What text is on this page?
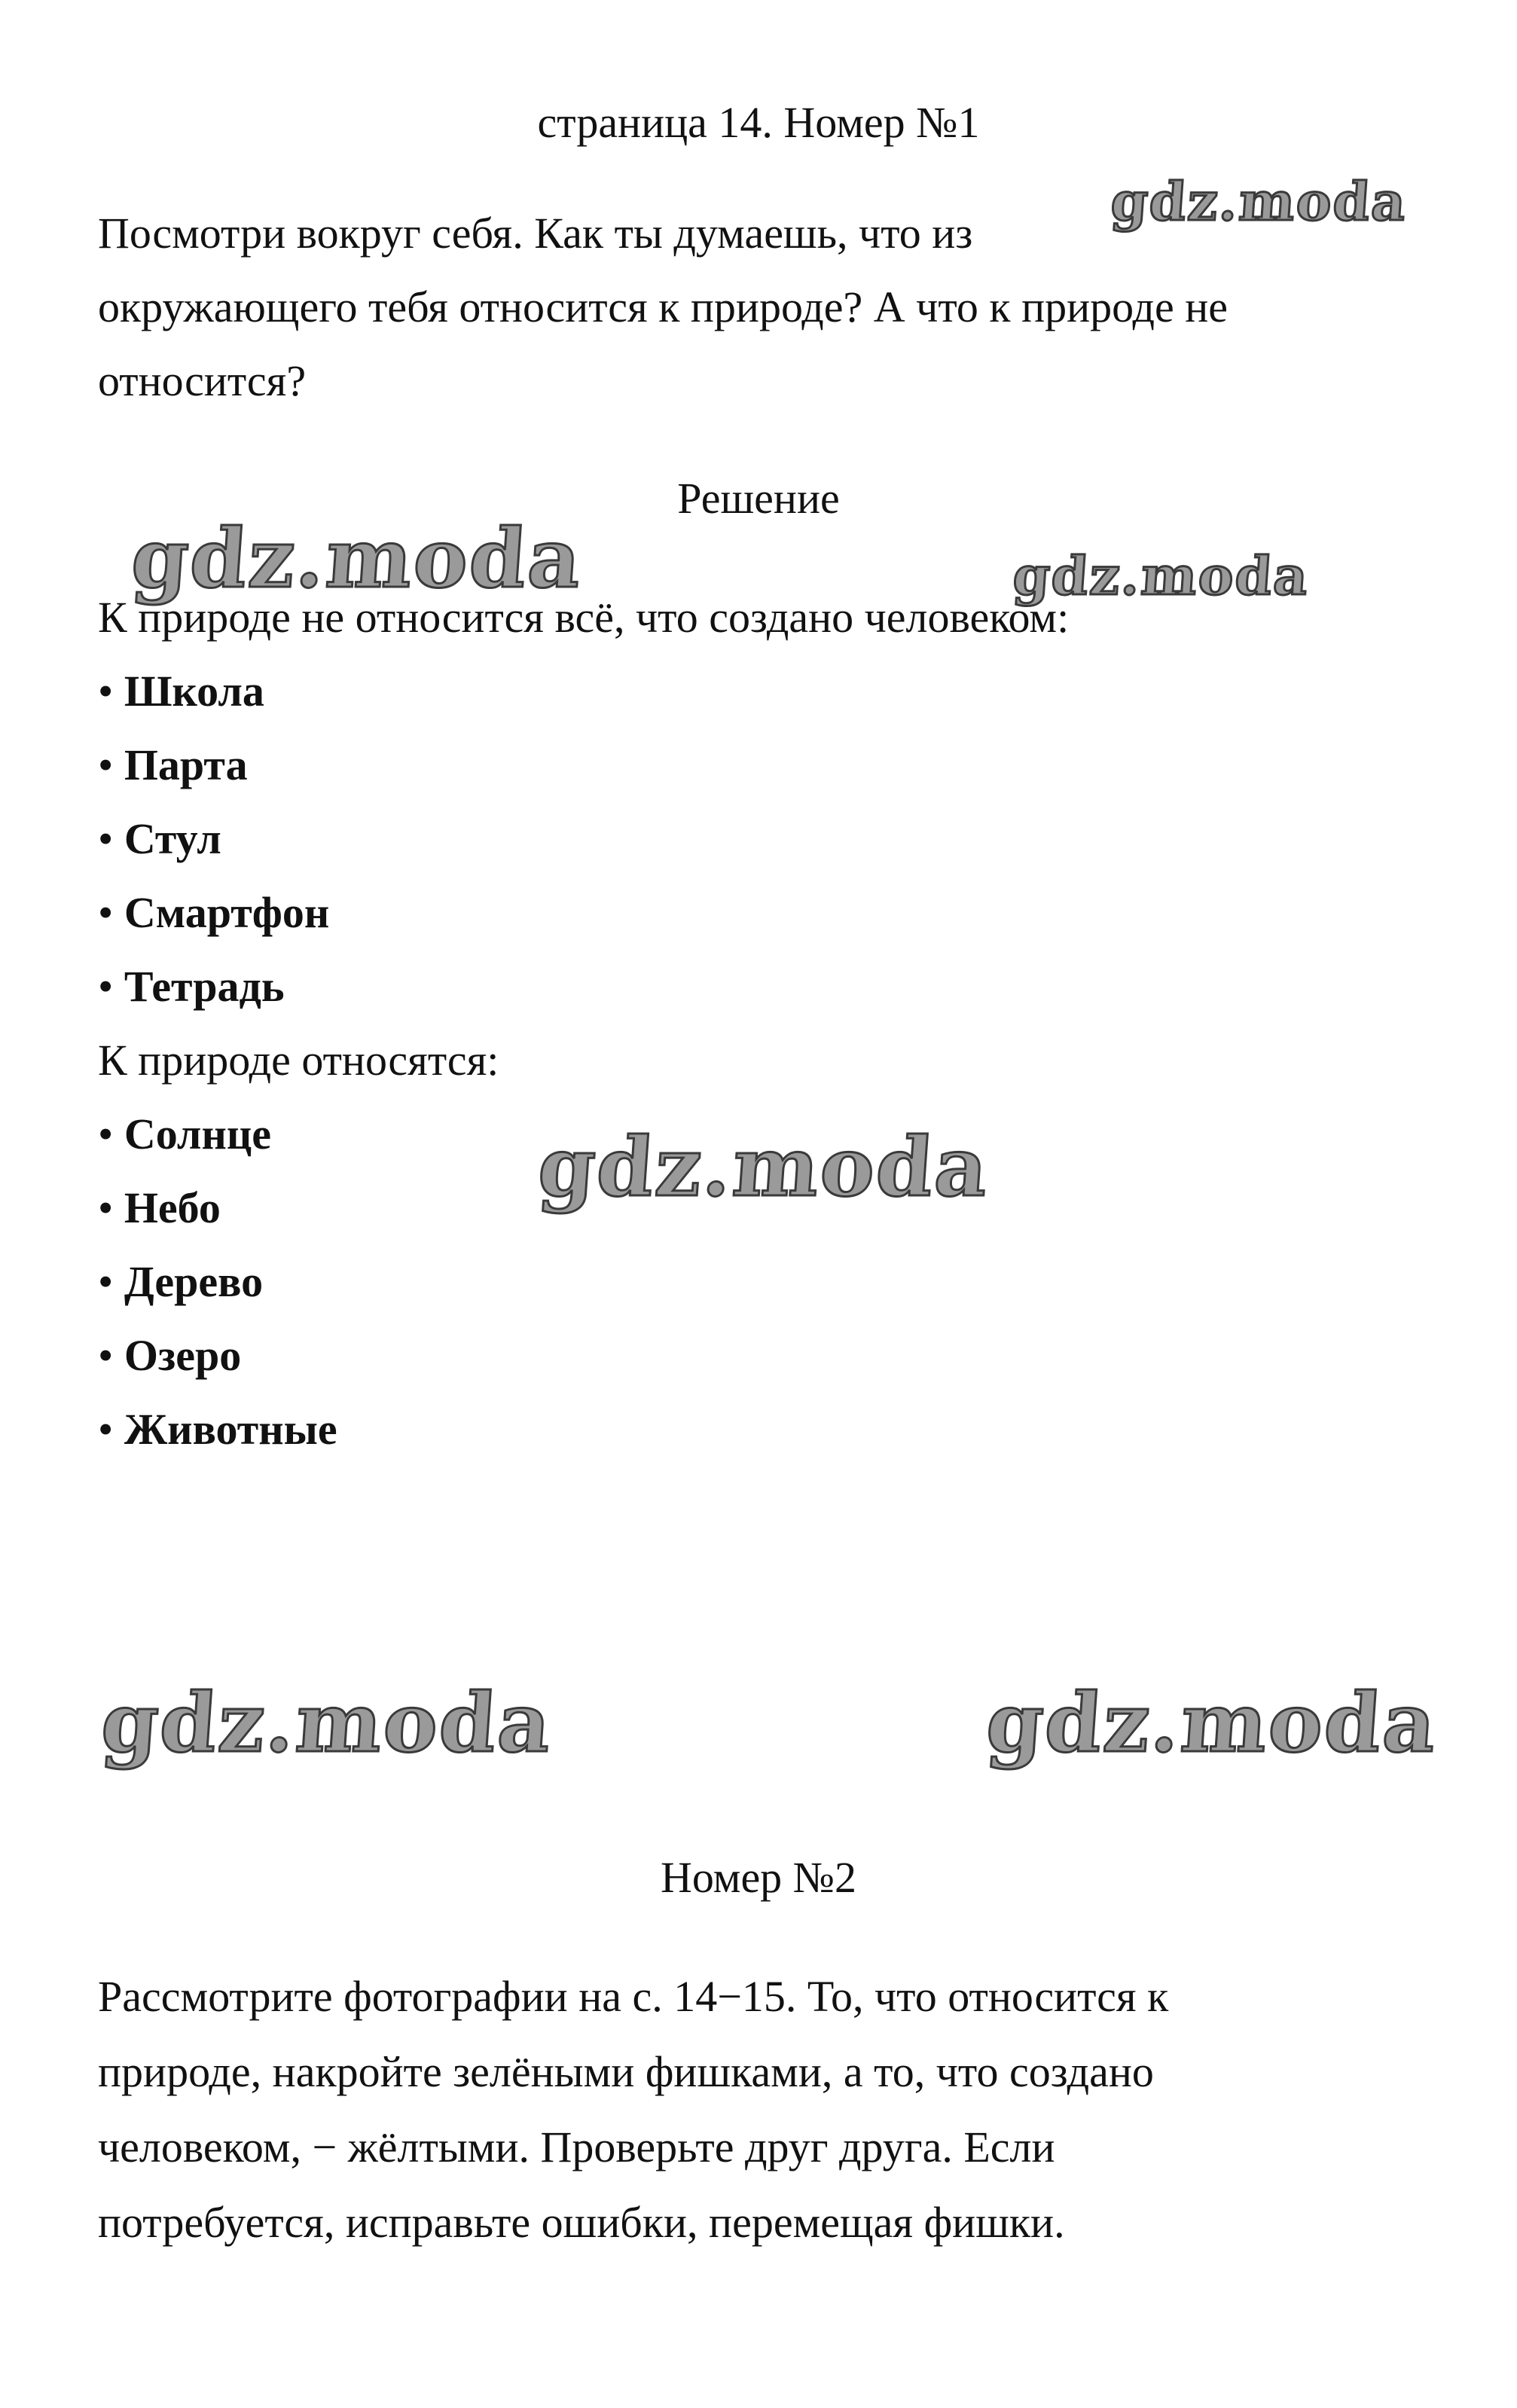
страница 14. Номер №1
Посмотри вокруг себя. Как ты думаешь, что из
окружающего тебя относится к природе? А что к природе не
относится?
Решение
К природе не относится всё, что создано человеком:
• Школа
• Парта
• Стул
• Смартфон
• Тетрадь
К природе относятся:
• Солнце
• Небо
• Дерево
• Озеро
• Животные
Номер №2
Рассмотрите фотографии на с. 14−15. То, что относится к
природе, накройте зелёными фишками, а то, что создано
человеком, − жёлтыми. Проверьте друг друга. Если
потребуется, исправьте ошибки, перемещая фишки.
gdz.moda
gdz.moda	gdz.moda
gdz.moda
gdz.moda	gdz.moda
